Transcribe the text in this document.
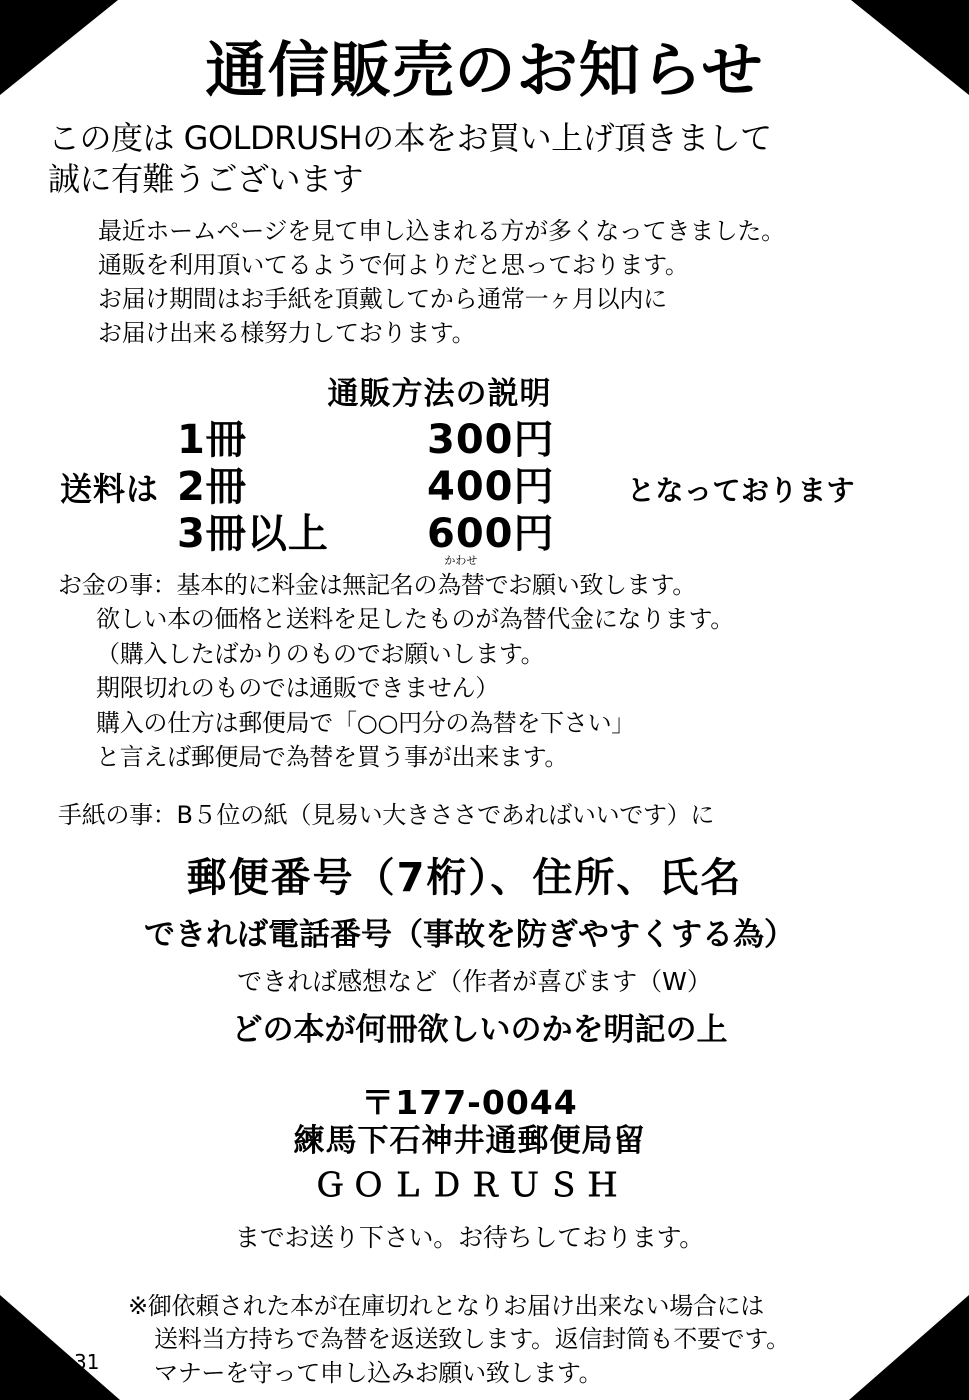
通信販売のお知らせ
この度は GOLDRUSHの本をお買い上げ頂きまして
誠に有難うございます
最近ホームページを見て申し込まれる方が多くなってきました。
通販を利用頂いてるようで何よりだと思っております。
お届け期間はお手紙を頂戴してから通常一ヶ月以内に
お届け出来る様努力しております。
通販方法の説明
送料は
1冊	300円	
2冊	400円	となっております
3冊以上	600円	
お金の事：基本的に料金は無記名の
かわせ
為替でお願い致します。
欲しい本の価格と送料を足したものが為替代金になります。
（購入したばかりのものでお願いします。
期限切れのものでは通販できません）
購入の仕方は郵便局で「○○円分の為替を下さい」
と言えば郵便局で為替を買う事が出来ます。
手紙の事：B５位の紙（見易い大きささであればいいです）に
郵便番号（7桁）、住所、氏名
できれば電話番号（事故を防ぎやすくする為）
できれば感想など（作者が喜びます（W）
どの本が何冊欲しいのかを明記の上
〒177-0044
練馬下石神井通郵便局留
ＧＯＬＤＲＵＳＨ
までお送り下さい。お待ちしております。
※御依頼された本が在庫切れとなりお届け出来ない場合には
送料当方持ちで為替を返送致します。返信封筒も不要です。
マナーを守って申し込みお願い致します。
31
